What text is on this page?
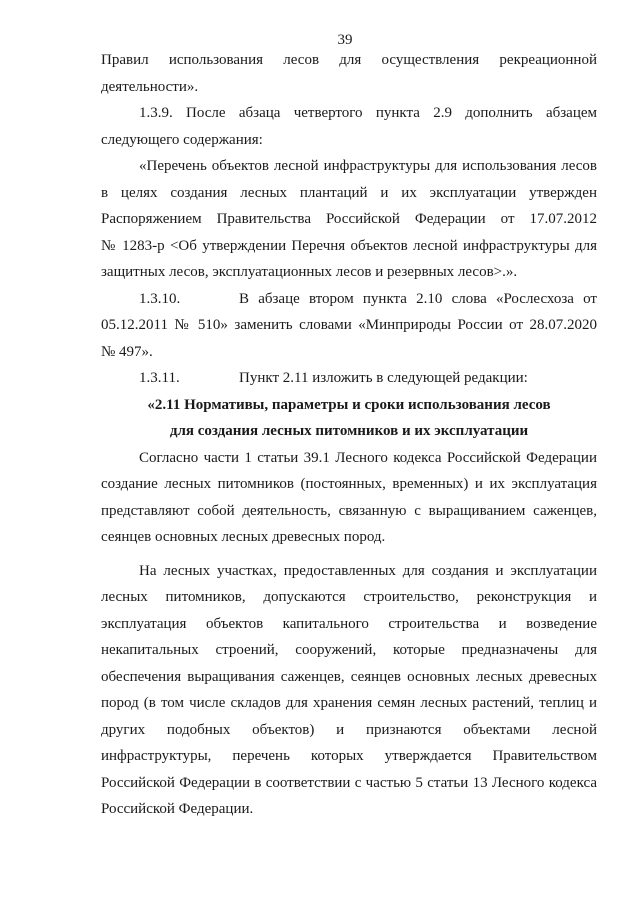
39

Правил использования лесов для осуществления рекреационной

деятельности».

1.3.9. После абзаца четвертого пункта 2.9 дополнить абзацем

следующего содержания:

«Перечень объектов лесной инфраструктуры для использования лесов

в целях создания лесных плантаций и их эксплуатации утвержден

Распоряжением Правительства Российской Федерации от 17.07.2012

№ 1283-р <Об утверждении Перечня объектов лесной инфраструктуры для

защитных лесов, эксплуатационных лесов и резервных лесов>.».

1.3.10.	В абзаце втором пункта 2.10 слова «Рослесхоза от

05.12.2011 № 510» заменить словами «Минприроды России от 28.07.2020

№ 497».

1.3.11.	Пункт 2.11 изложить в следующей редакции:

«2.11 Нормативы, параметры и сроки использования лесов

для создания лесных питомников и их эксплуатации

Согласно части 1 статьи 39.1 Лесного кодекса Российской Федерации

создание лесных питомников (постоянных, временных) и их эксплуатация

представляют собой деятельность, связанную с выращиванием саженцев,

сеянцев основных лесных древесных пород.

На лесных участках, предоставленных для создания и эксплуатации

лесных питомников, допускаются строительство, реконструкция и

эксплуатация объектов капитального строительства и возведение

некапитальных строений, сооружений, которые предназначены для

обеспечения выращивания саженцев, сеянцев основных лесных древесных

пород (в том числе складов для хранения семян лесных растений, теплиц и

других подобных объектов) и признаются объектами лесной

инфраструктуры, перечень которых утверждается Правительством

Российской Федерации в соответствии с частью 5 статьи 13 Лесного кодекса

Российской Федерации.
